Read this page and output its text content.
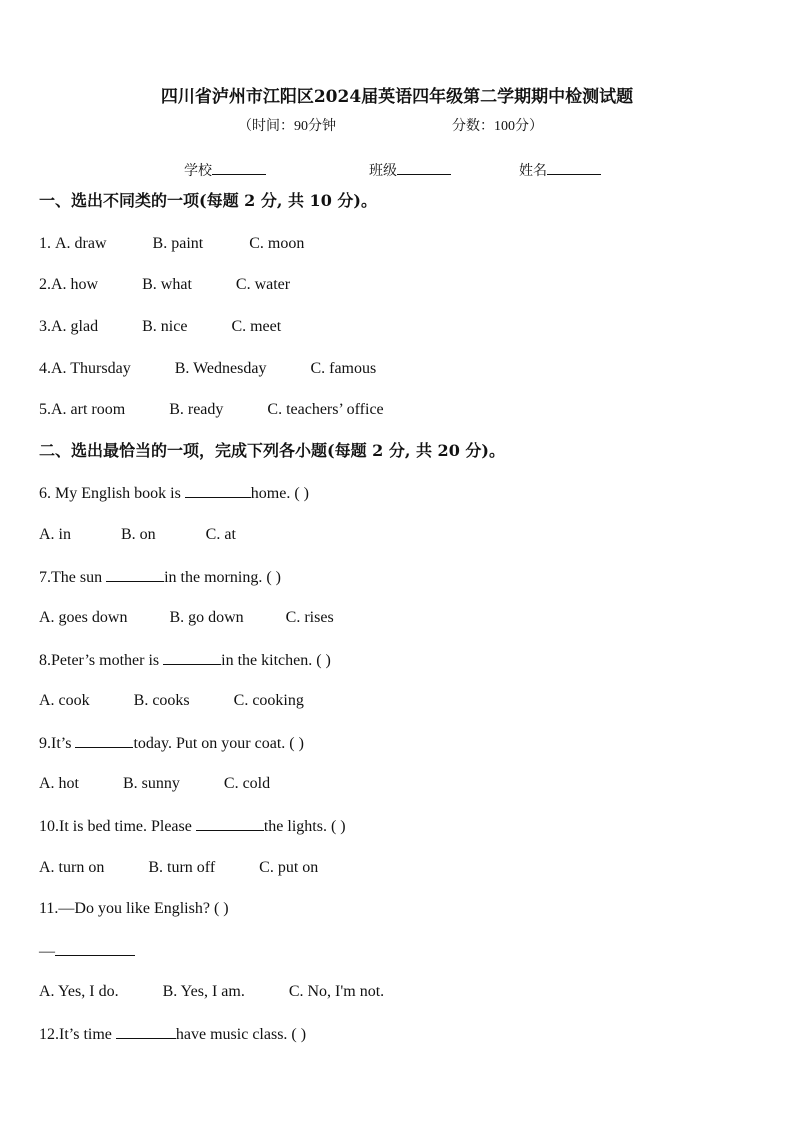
四川省泸州市江阳区2024届英语四年级第二学期期中检测试题
（时间：90分钟	分数：100分）
学校	班级	姓名
一、选出不同类的一项(每题 2 分, 共 10 分)。
1. A. draw	B. paint	C. moon
2.A. how	B. what	C. water
3.A. glad	B. nice	C. meet
4.A. Thursday	B. Wednesday	C. famous
5.A. art room	B. ready	C. teachers’ office
二、选出最恰当的一项，完成下列各小题(每题 2 分, 共 20 分)。
6. My English book is	home. ( )
A. in	B. on	C. at
7.The sun	in the morning. ( )
A. goes down	B. go down	C. rises
8.Peter’s mother is	in the kitchen. ( )
A. cook	B. cooks	C. cooking
9.It’s	today. Put on your coat. ( )
A. hot	B. sunny	C. cold
10.It is bed time. Please	the lights. ( )
A. turn on	B. turn off	C. put on
11.—Do you like English? ( )
—
A. Yes, I do.	B. Yes, I am.	C. No, I'm not.
12.It’s time	have music class. ( )
